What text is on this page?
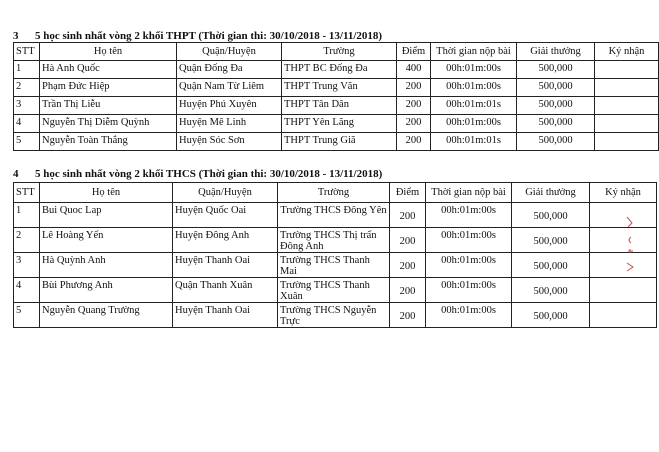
3 5 học sinh nhất vòng 2 khối THPT (Thời gian thi: 30/10/2018 - 13/11/2018)
STT	Họ tên	Quận/Huyện	Trường	Điểm	Thời gian nộp bài	Giải thưởng	Ký nhận
1	Hà Anh Quốc	Quận Đống Đa	THPT BC Đống Đa	400	00h:01m:00s	500,000	
2	Phạm Đức Hiệp	Quận Nam Từ Liêm	THPT Trung Văn	200	00h:01m:00s	500,000	
3	Trần Thị Liễu	Huyện Phú Xuyên	THPT Tân Dân	200	00h:01m:01s	500,000	
4	Nguyễn Thị Diễm Quỳnh	Huyện Mê Linh	THPT Yên Lãng	200	00h:01m:00s	500,000	
5	Nguyễn Toàn Thắng	Huyện Sóc Sơn	THPT Trung Giã	200	00h:01m:01s	500,000	
4 5 học sinh nhất vòng 2 khối THCS (Thời gian thi: 30/10/2018 - 13/11/2018)
STT	Họ tên	Quận/Huyện	Trường	Điểm	Thời gian nộp bài	Giải thưởng	Ký nhận
1	Bui Quoc Lap	Huyện Quốc Oai	Trường THCS Đông Yên	200	00h:01m:00s	500,000	
2	Lê Hoàng Yến	Huyện Đông Anh	Trường THCS Thị trấn Đông Anh	200	00h:01m:00s	500,000	
3	Hà Quỳnh Anh	Huyện Thanh Oai	Trường THCS Thanh Mai	200	00h:01m:00s	500,000	
4	Bùi Phương Anh	Quận Thanh Xuân	Trường THCS Thanh Xuân	200	00h:01m:00s	500,000	
5	Nguyễn Quang Trường	Huyện Thanh Oai	Trường THCS Nguyễn Trực	200	00h:01m:00s	500,000	
